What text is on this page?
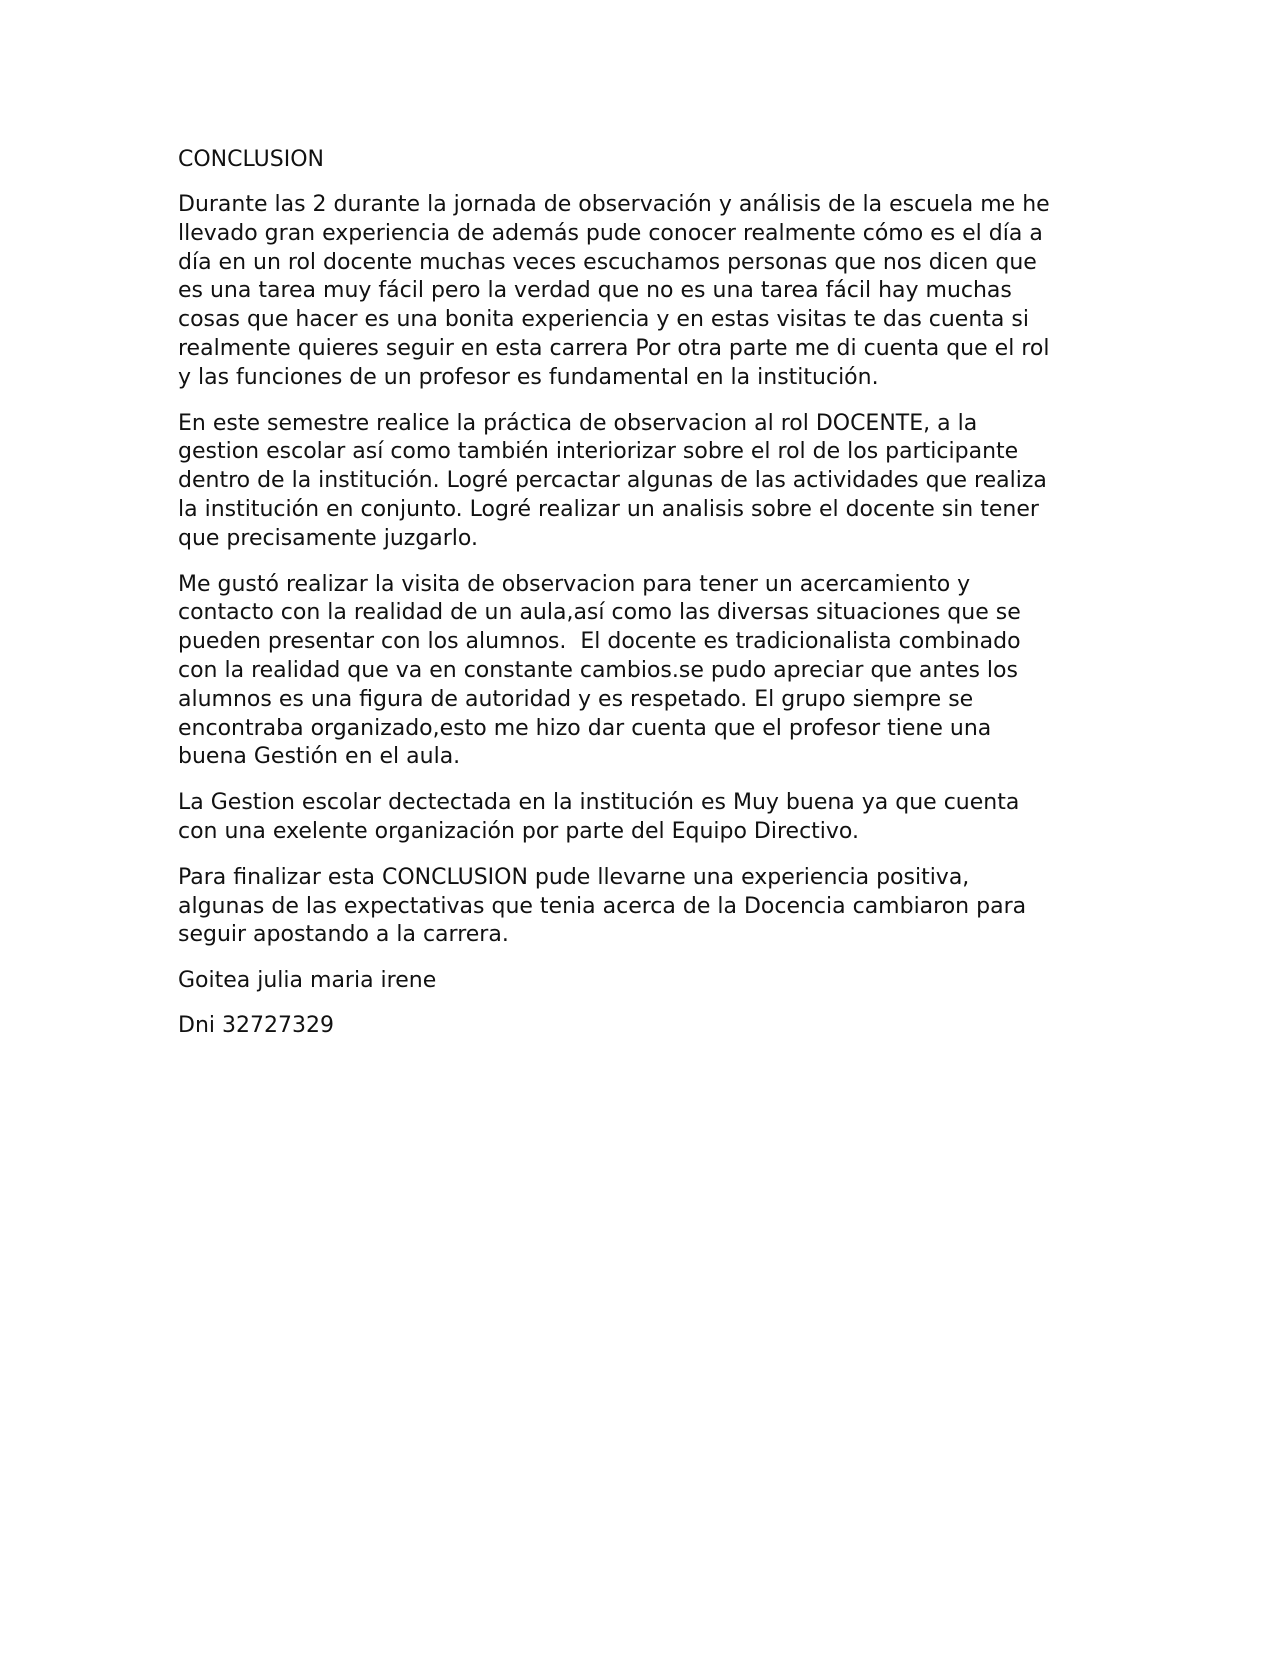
CONCLUSION
Durante las 2 durante la jornada de observación y análisis de la escuela me he
llevado gran experiencia de además pude conocer realmente cómo es el día a
día en un rol docente muchas veces escuchamos personas que nos dicen que
es una tarea muy fácil pero la verdad que no es una tarea fácil hay muchas
cosas que hacer es una bonita experiencia y en estas visitas te das cuenta si
realmente quieres seguir en esta carrera Por otra parte me di cuenta que el rol
y las funciones de un profesor es fundamental en la institución.
En este semestre realice la práctica de observacion al rol DOCENTE, a la
gestion escolar así como también interiorizar sobre el rol de los participante
dentro de la institución. Logré percactar algunas de las actividades que realiza
la institución en conjunto. Logré realizar un analisis sobre el docente sin tener
que precisamente juzgarlo.
Me gustó realizar la visita de observacion para tener un acercamiento y
contacto con la realidad de un aula,así como las diversas situaciones que se
pueden presentar con los alumnos.  El docente es tradicionalista combinado
con la realidad que va en constante cambios.se pudo apreciar que antes los
alumnos es una figura de autoridad y es respetado. El grupo siempre se
encontraba organizado,esto me hizo dar cuenta que el profesor tiene una
buena Gestión en el aula.
La Gestion escolar dectectada en la institución es Muy buena ya que cuenta
con una exelente organización por parte del Equipo Directivo.
Para finalizar esta CONCLUSION pude llevarne una experiencia positiva,
algunas de las expectativas que tenia acerca de la Docencia cambiaron para
seguir apostando a la carrera.
Goitea julia maria irene
Dni 32727329
